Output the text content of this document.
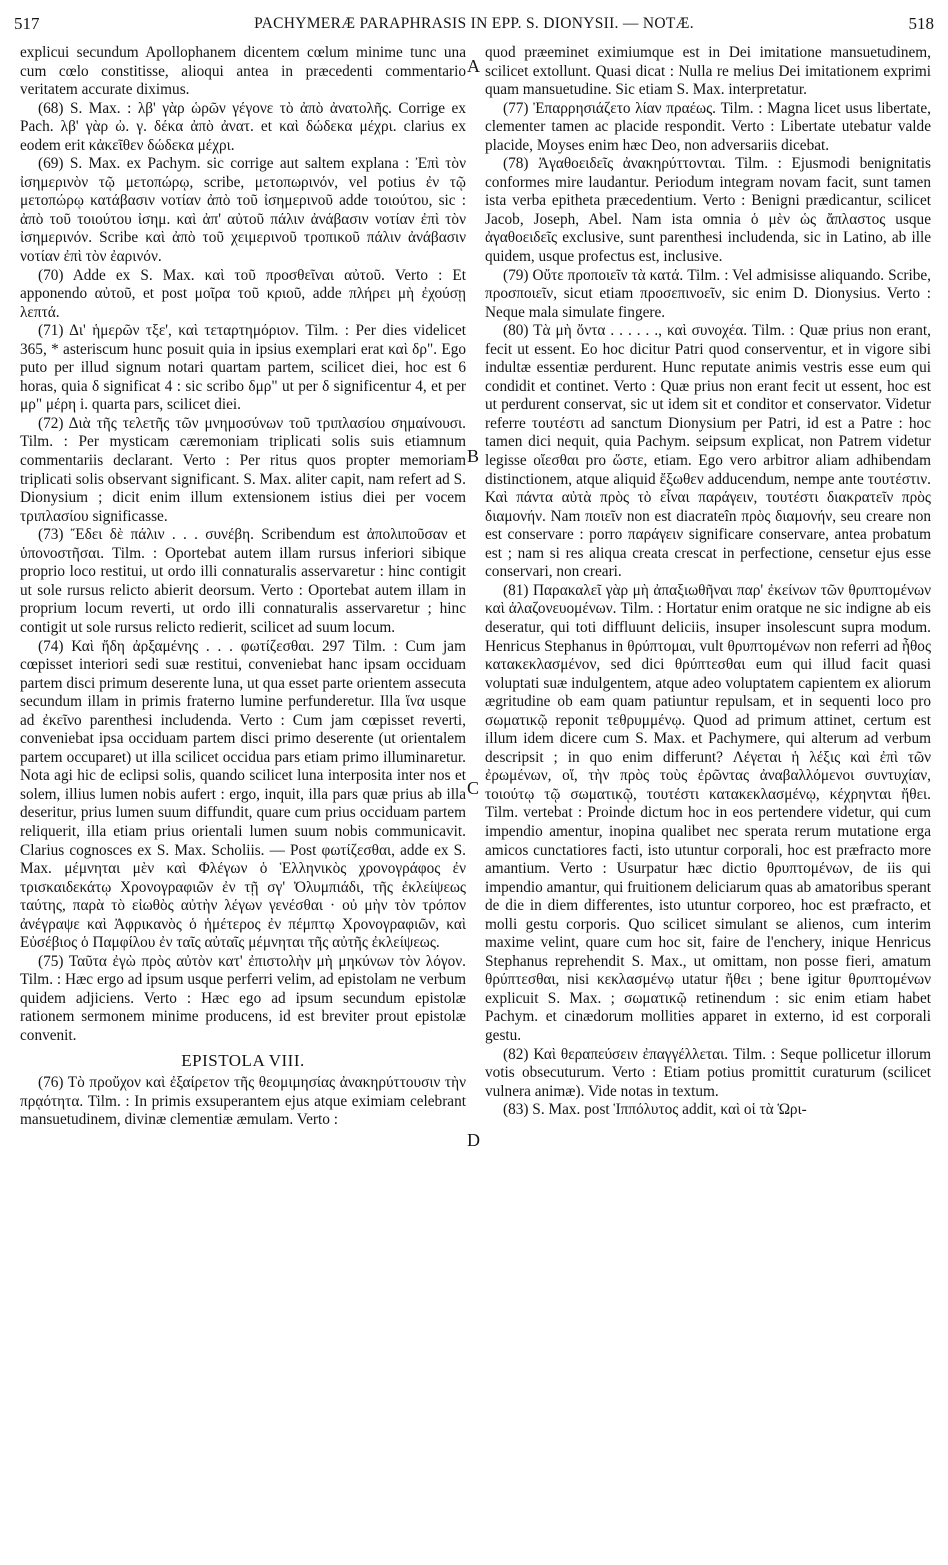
517	PACHYMERÆ PARAPHRASIS IN EPP. S. DIONYSII. — NOTÆ.	518

explicui secundum Apollophanem dicentem cœlum minime tunc una cum cœlo constitisse, alioqui antea in præcedenti commentario veritatem accurate diximus.

(68) S. Max. : λβ' γὰρ ὡρῶν γέγονε τὸ ἀπὸ ἀνατολῆς. Corrige ex Pach. λβ' γὰρ ὠ. γ. δέκα ἀπὸ ἀνατ. et καὶ δώδεκα μέχρι. clarius ex eodem erit κἀκεῖθεν δώδεκα μέχρι.

(69) S. Max. ex Pachym. sic corrige aut saltem explana : Ἐπὶ τὸν ἰσημερινὸν τῷ μετοπώρῳ, scribe, μετοπωρινόν, vel potius ἐν τῷ μετοπώρῳ κατάβασιν νοτίαν ἀπὸ τοῦ ἰσημερινοῦ adde τοιούτου, sic : ἀπὸ τοῦ τοιούτου ἰσημ. καὶ ἀπ' αὐτοῦ πάλιν ἀνάβασιν νοτίαν ἐπὶ τὸν ἰσημερινόν. Scribe καὶ ἀπὸ τοῦ χειμερινοῦ τροπικοῦ πάλιν ἀνάβασιν νοτίαν ἐπὶ τὸν ἐαρινόν.

(70) Adde ex S. Max. καὶ τοῦ προσθεῖναι αὐτοῦ. Verto : Et apponendo αὐτοῦ, et post μοῖρα τοῦ κριοῦ, adde πλήρει μὴ ἐχούσῃ λεπτά.

(71) Δι' ἡμερῶν τξε', καὶ τεταρτημόριον. Tilm. : Per dies videlicet 365, * asteriscum hunc posuit quia in ipsius exemplari erat καὶ δρ". Ego puto per illud signum notari quartam partem, scilicet diei, hoc est 6 horas, quia δ significat 4 : sic scribo δμρ" ut per δ significentur 4, et per μρ" μέρη i. quarta pars, scilicet diei.

(72) Διὰ τῆς τελετῆς τῶν μνημοσύνων τοῦ τριπλασίου σημαίνουσι. Tilm. : Per mysticam cæremoniam triplicati solis suis etiamnum commentariis declarant. Verto : Per ritus quos propter memoriam triplicati solis observant significant. S. Max. aliter capit, nam refert ad S. Dionysium ; dicit enim illum extensionem istius diei per vocem τριπλασίου significasse.

(73) Ἔδει δὲ πάλιν . . . συνέβη. Scribendum est ἀπολιποῦσαν et ὑπονοστῆσαι. Tilm. : Oportebat autem illam rursus inferiori sibique proprio loco restitui, ut ordo illi connaturalis asservaretur : hinc contigit ut sole rursus relicto abierit deorsum. Verto : Oportebat autem illam in proprium locum reverti, ut ordo illi connaturalis asservaretur ; hinc contigit ut sole rursus relicto redierit, scilicet ad suum locum.

(74) Καὶ ἤδη ἀρξαμένης . . . φωτίζεσθαι. 297 Tilm. : Cum jam cœpisset interiori sedi suæ restitui, conveniebat hanc ipsam occiduam partem disci primum deserente luna, ut qua esset parte orientem assecuta secundum illam in primis fraterno lumine perfunderetur. Illa ἵνα usque ad ἐκεῖνο parenthesi includenda. Verto : Cum jam cœpisset reverti, conveniebat ipsa occiduam partem disci primo deserente (ut orientalem partem occuparet) ut illa scilicet occidua pars etiam primo illuminaretur. Nota agi hic de eclipsi solis, quando scilicet luna interposita inter nos et solem, illius lumen nobis aufert : ergo, inquit, illa pars quæ prius ab illa deseritur, prius lumen suum diffundit, quare cum prius occiduam partem reliquerit, illa etiam prius orientali lumen suum nobis communicavit. Clarius cognosces ex S. Max. Scholiis. — Post φωτίζεσθαι, adde ex S. Max. μέμνηται μὲν καὶ Φλέγων ὁ Ἑλληνικὸς χρονογράφος ἐν τρισκαιδεκάτῳ Χρονογραφιῶν ἐν τῇ σγ' Ὀλυμπιάδι, τῆς ἐκλείψεως ταύτης, παρὰ τὸ εἰωθὸς αὐτὴν λέγων γενέσθαι · οὐ μὴν τὸν τρόπον ἀνέγραψε καὶ Ἀφρικανὸς ὁ ἡμέτερος ἐν πέμπτῳ Χρονογραφιῶν, καὶ Εὐσέβιος ὁ Παμφίλου ἐν ταῖς αὐταῖς μέμνηται τῆς αὐτῆς ἐκλείψεως.

(75) Ταῦτα ἐγὼ πρὸς αὐτὸν κατ' ἐπιστολὴν μὴ μηκύνων τὸν λόγον. Tilm. : Hæc ergo ad ipsum usque perferri velim, ad epistolam ne verbum quidem adjiciens. Verto : Hæc ego ad ipsum secundum epistolæ rationem sermonem minime producens, id est breviter prout epistolæ convenit.

EPISTOLA VIII.

(76) Τὸ προὔχον καὶ ἐξαίρετον τῆς θεομιμησίας ἀνακηρύττουσιν τὴν πρᾳότητα. Tilm. : In primis exsuperantem ejus atque eximiam celebrant mansuetudinem, divinæ clementiæ æmulam. Verto :

quod præeminet eximiumque est in Dei imitatione mansuetudinem, scilicet extollunt. Quasi dicat : Nulla re melius Dei imitationem exprimi quam mansuetudine. Sic etiam S. Max. interpretatur.

(77) Ἐπαρρησιάζετο λίαν πραέως. Tilm. : Magna licet usus libertate, clementer tamen ac placide respondit. Verto : Libertate utebatur valde placide, Moyses enim hæc Deo, non adversariis dicebat.

(78) Ἀγαθοειδεῖς ἀνακηρύττονται. Tilm. : Ejusmodi benignitatis conformes mire laudantur. Periodum integram novam facit, sunt tamen ista verba epitheta præcedentium. Verto : Benigni prædicantur, scilicet Jacob, Joseph, Abel. Nam ista omnia ὁ μὲν ὡς ἄπλαστος usque ἀγαθοειδεῖς exclusive, sunt parenthesi includenda, sic in Latino, ab ille quidem, usque profectus est, inclusive.

(79) Οὔτε προποιεῖν τὰ κατά. Tilm. : Vel admisisse aliquando. Scribe, προσποιεῖν, sicut etiam προσεπινοεῖν, sic enim D. Dionysius. Verto : Neque mala simulate fingere.

(80) Τὰ μὴ ὄντα . . . . . ., καὶ συνοχέα. Tilm. : Quæ prius non erant, fecit ut essent. Eo hoc dicitur Patri quod conserventur, et in vigore sibi indultæ essentiæ perdurent. Hunc reputate animis vestris esse eum qui condidit et continet. Verto : Quæ prius non erant fecit ut essent, hoc est ut perdurent conservat, sic ut idem sit et conditor et conservator. Videtur referre τουτέστι ad sanctum Dionysium per Patri, id est a Patre : hoc tamen dici nequit, quia Pachym. seipsum explicat, non Patrem videtur legisse οἴεσθαι pro ὥστε, etiam. Ego vero arbitror aliam adhibendam distinctionem, atque aliquid ἔξωθεν adducendum, nempe ante τουτέστιν. Καὶ πάντα αὐτὰ πρὸς τὸ εἶναι παράγειν, τουτέστι διακρατεῖν πρὸς διαμονήν. Nam ποιεῖν non est diacrateîn πρὸς διαμονήν, seu creare non est conservare : porro παράγειν significare conservare, antea probatum est ; nam si res aliqua creata crescat in perfectione, censetur ejus esse conservari, non creari.

(81) Παρακαλεῖ γὰρ μὴ ἀπαξιωθῆναι παρ' ἐκείνων τῶν θρυπτομένων καὶ ἀλαζονευομένων. Tilm. : Hortatur enim oratque ne sic indigne ab eis deseratur, qui toti diffluunt deliciis, insuper insolescunt supra modum. Henricus Stephanus in θρύπτομαι, vult θρυπτομένων non referri ad ἦθος κατακεκλασμένον, sed dici θρύπτεσθαι eum qui illud facit quasi voluptati suæ indulgentem, atque adeo voluptatem capientem ex aliorum ægritudine ob eam quam patiuntur repulsam, et in sequenti loco pro σωματικῷ reponit τεθρυμμένῳ. Quod ad primum attinet, certum est illum idem dicere cum S. Max. et Pachymere, qui alterum ad verbum descripsit ; in quo enim differunt? Λέγεται ἡ λέξις καὶ ἐπὶ τῶν ἐρωμένων, οἵ, τὴν πρὸς τοὺς ἐρῶντας ἀναβαλλόμενοι συντυχίαν, τοιούτῳ τῷ σωματικῷ, τουτέστι κατακεκλασμένῳ, κέχρηνται ἤθει. Tilm. vertebat : Proinde dictum hoc in eos pertendere videtur, qui cum impendio amentur, inopina qualibet nec sperata rerum mutatione erga amicos cunctatiores facti, isto utuntur corporali, hoc est præfracto more amantium. Verto : Usurpatur hæc dictio θρυπτομένων, de iis qui impendio amantur, qui fruitionem deliciarum quas ab amatoribus sperant de die in diem differentes, isto utuntur corporeo, hoc est præfracto, et molli gestu corporis. Quo scilicet simulant se alienos, cum interim maxime velint, quare cum hoc sit, faire de l'enchery, inique Henricus Stephanus reprehendit S. Max., ut omittam, non posse fieri, amatum θρύπτεσθαι, nisi κεκλασμένῳ utatur ἤθει ; bene igitur θρυπτομένων explicuit S. Max. ; σωματικῷ retinendum : sic enim etiam habet Pachym. et cinædorum mollities apparet in externo, id est corporali gestu.

(82) Καὶ θεραπεύσειν ἐπαγγέλλεται. Tilm. : Seque pollicetur illorum votis obsecuturum. Verto : Etiam potius promittit curaturum (scilicet vulnera animæ). Vide notas in textum.

(83) S. Max. post Ἱππόλυτος addit, καὶ οἱ τὰ Ὡρι-

A
B
C
D
